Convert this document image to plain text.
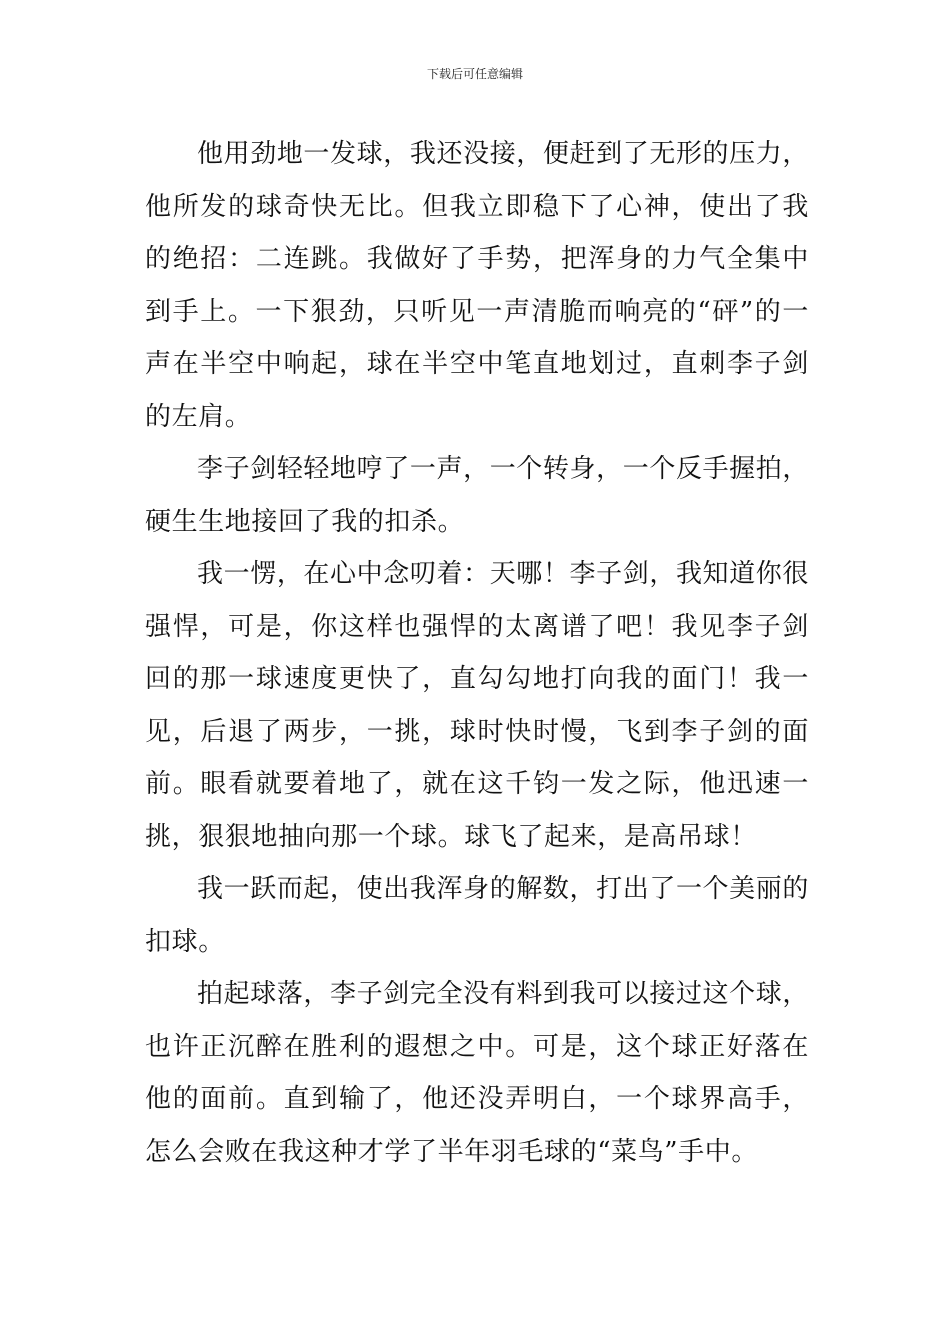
下载后可任意编辑

他用劲地一发球，我还没接，便赶到了无形的压力，他所发的球奇快无比。但我立即稳下了心神，使出了我的绝招：二连跳。我做好了手势，把浑身的力气全集中到手上。一下狠劲，只听见一声清脆而响亮的“砰”的一声在半空中响起，球在半空中笔直地划过，直刺李子剑的左肩。

李子剑轻轻地哼了一声，一个转身，一个反手握拍，硬生生地接回了我的扣杀。

我一愣，在心中念叨着：天哪！李子剑，我知道你很强悍，可是，你这样也强悍的太离谱了吧！我见李子剑回的那一球速度更快了，直勾勾地打向我的面门！我一见，后退了两步，一挑，球时快时慢，飞到李子剑的面前。眼看就要着地了，就在这千钧一发之际，他迅速一挑，狠狠地抽向那一个球。球飞了起来，是高吊球！

我一跃而起，使出我浑身的解数，打出了一个美丽的扣球。

拍起球落，李子剑完全没有料到我可以接过这个球，也许正沉醉在胜利的遐想之中。可是，这个球正好落在他的面前。直到输了，他还没弄明白，一个球界高手，怎么会败在我这种才学了半年羽毛球的“菜鸟”手中。
